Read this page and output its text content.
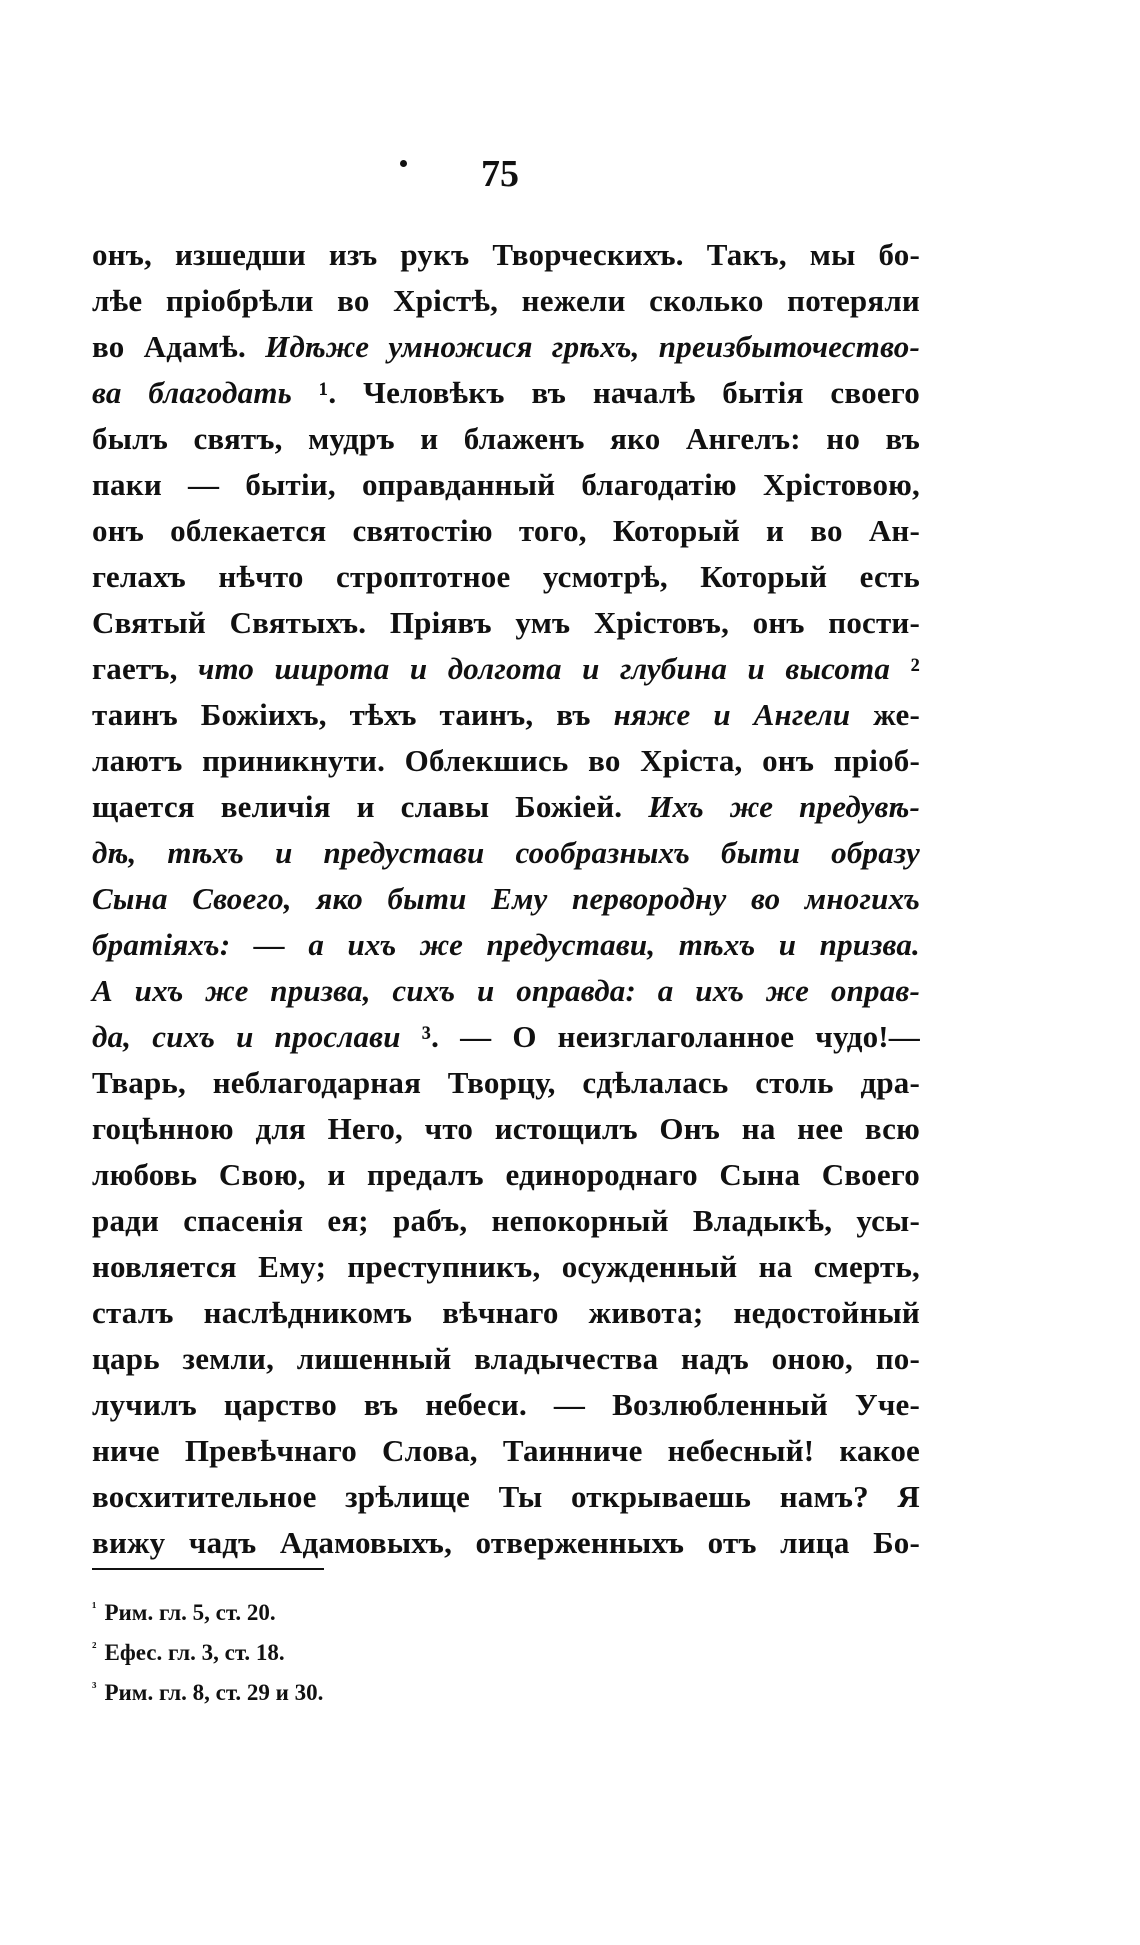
75
онъ, изшедши изъ рукъ Творческихъ. Такъ, мы бо-
лѣе пріобрѣли во Хрістѣ, нежели сколько потеряли
во Адамѣ. Идѣже умножися грѣхъ, преизбыточество-
ва благодать ¹. Человѣкъ въ началѣ бытія своего
былъ святъ, мудръ и блаженъ яко Ангелъ: но въ
паки — бытіи, оправданный благодатію Хрістовою,
онъ облекается святостію того, Который и во Ан-
гелахъ нѣчто строптотное усмотрѣ, Который есть
Святый Святыхъ. Пріявъ умъ Хрістовъ, онъ пости-
гаетъ, что широта и долгота и глубина и высота ²
таинъ Божіихъ, тѣхъ таинъ, въ няже и Ангели же-
лаютъ приникнути. Облекшись во Хріста, онъ пріоб-
щается величія и славы Божіей. Ихъ же предувѣ-
дѣ, тѣхъ и предустави сообразныхъ быти образу
Сына Своего, яко быти Ему первородну во многихъ
братіяхъ: — а ихъ же предустави, тѣхъ и призва.
А ихъ же призва, сихъ и оправда: а ихъ же оправ-
да, сихъ и прослави ³. — О неизглаголанное чудо!—
Тварь, неблагодарная Творцу, сдѣлалась столь дра-
гоцѣнною для Него, что истощилъ Онъ на нее всю
любовь Свою, и предалъ единороднаго Сына Своего
ради спасенія ея; рабъ, непокорный Владыкѣ, усы-
новляется Ему; преступникъ, осужденный на смерть,
сталъ наслѣдникомъ вѣчнаго живота; недостойный
царь земли, лишенный владычества надъ оною, по-
лучилъ царство въ небеси. — Возлюбленный Уче-
ниче Превѣчнаго Слова, Таинниче небесный! какое
восхитительное зрѣлище Ты открываешь намъ? Я
вижу чадъ Адамовыхъ, отверженныхъ отъ лица Бо-
$^{^1}$ Рим. гл. 5, ст. 20.
$^{^2}$ Ефес. гл. 3, ст. 18.
$^{^3}$ Рим. гл. 8, ст. 29 и 30.
